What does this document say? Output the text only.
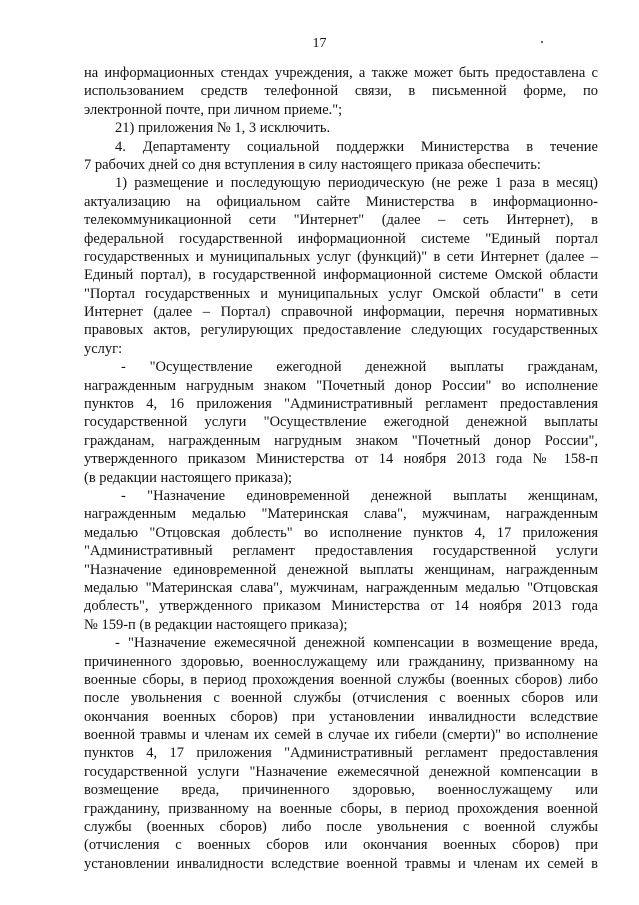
17
на информационных стендах учреждения, а также может быть предоставлена с
использованием средств телефонной связи, в письменной форме, по
электронной почте, при личном приеме.";
21) приложения № 1, 3 исключить.
4. Департаменту социальной поддержки Министерства в течение
7 рабочих дней со дня вступления в силу настоящего приказа обеспечить:
1) размещение и последующую периодическую (не реже 1 раза в месяц)
актуализацию на официальном сайте Министерства в информационно-
телекоммуникационной сети "Интернет" (далее – сеть Интернет), в
федеральной государственной информационной системе "Единый портал
государственных и муниципальных услуг (функций)" в сети Интернет (далее –
Единый портал), в государственной информационной системе Омской области
"Портал государственных и муниципальных услуг Омской области" в сети
Интернет (далее – Портал) справочной информации, перечня нормативных
правовых актов, регулирующих предоставление следующих государственных
услуг:
- "Осуществление ежегодной денежной выплаты гражданам,
награжденным нагрудным знаком "Почетный донор России" во исполнение
пунктов 4, 16 приложения "Административный регламент предоставления
государственной услуги "Осуществление ежегодной денежной выплаты
гражданам, награжденным нагрудным знаком "Почетный донор России",
утвержденного приказом Министерства от 14 ноября 2013 года № 158-п
(в редакции настоящего приказа);
- "Назначение единовременной денежной выплаты женщинам,
награжденным медалью "Материнская слава", мужчинам, награжденным
медалью "Отцовская доблесть" во исполнение пунктов 4, 17 приложения
"Административный регламент предоставления государственной услуги
"Назначение единовременной денежной выплаты женщинам, награжденным
медалью "Материнская слава", мужчинам, награжденным медалью "Отцовская
доблесть", утвержденного приказом Министерства от 14 ноября 2013 года
№ 159-п (в редакции настоящего приказа);
- "Назначение ежемесячной денежной компенсации в возмещение вреда,
причиненного здоровью, военнослужащему или гражданину, призванному на
военные сборы, в период прохождения военной службы (военных сборов) либо
после увольнения с военной службы (отчисления с военных сборов или
окончания военных сборов) при установлении инвалидности вследствие
военной травмы и членам их семей в случае их гибели (смерти)" во исполнение
пунктов 4, 17 приложения "Административный регламент предоставления
государственной услуги "Назначение ежемесячной денежной компенсации в
возмещение вреда, причиненного здоровью, военнослужащему или
гражданину, призванному на военные сборы, в период прохождения военной
службы (военных сборов) либо после увольнения с военной службы
(отчисления с военных сборов или окончания военных сборов) при
установлении инвалидности вследствие военной травмы и членам их семей в
